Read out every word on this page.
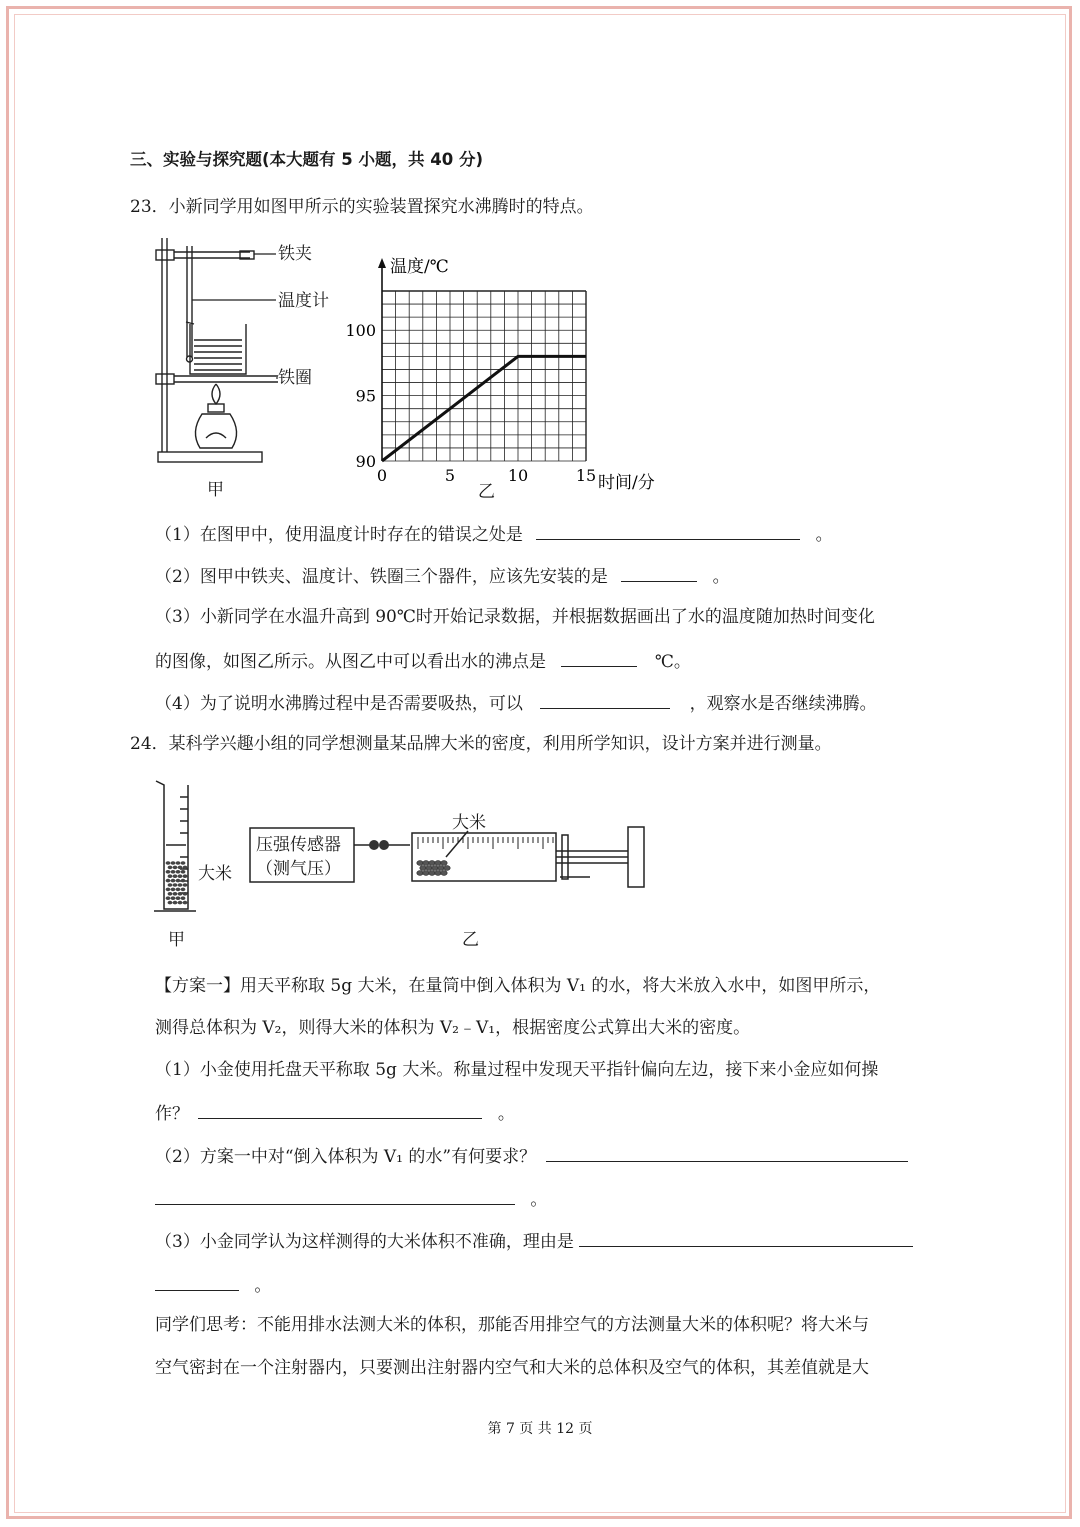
三、实验与探究题(本大题有 5 小题，共 40 分)
23．小新同学用如图甲所示的实验装置探究水沸腾时的特点。
铁夹
温度计
铁圈
甲
温度/℃
90
95
100
0	5	10	15 时间/分
乙
（1）在图甲中，使用温度计时存在的错误之处是	。
（2）图甲中铁夹、温度计、铁圈三个器件，应该先安装的是	。
（3）小新同学在水温升高到 90℃时开始记录数据，并根据数据画出了水的温度随加热时间变化
的图像，如图乙所示。从图乙中可以看出水的沸点是	℃。
（4）为了说明水沸腾过程中是否需要吸热，可以	，观察水是否继续沸腾。
24．某科学兴趣小组的同学想测量某品牌大米的密度，利用所学知识，设计方案并进行测量。
大米
甲
压强传感器
（测气压）
大米
乙
【方案一】用天平称取 5g 大米，在量筒中倒入体积为 V₁ 的水，将大米放入水中，如图甲所示，
测得总体积为 V₂，则得大米的体积为 V₂﹣V₁，根据密度公式算出大米的密度。
（1）小金使用托盘天平称取 5g 大米。称量过程中发现天平指针偏向左边，接下来小金应如何操
作？	。
（2）方案一中对“倒入体积为 V₁ 的水”有何要求？
。
（3）小金同学认为这样测得的大米体积不准确，理由是
。
同学们思考：不能用排水法测大米的体积，那能否用排空气的方法测量大米的体积呢？将大米与
空气密封在一个注射器内，只要测出注射器内空气和大米的总体积及空气的体积，其差值就是大
第 7 页 共 12 页
